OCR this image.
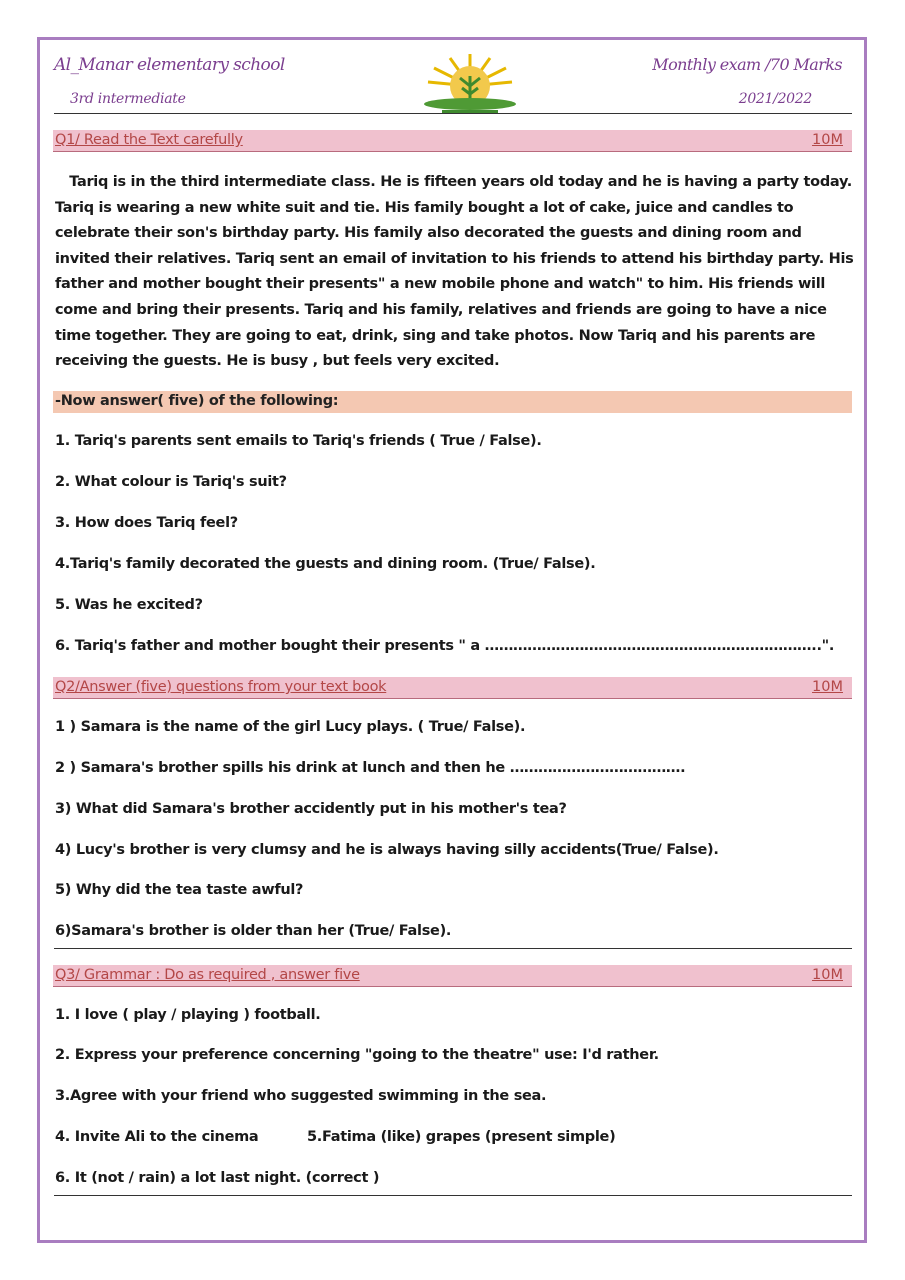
Al_Manar elementary school
3rd intermediate
Monthly exam /70 Marks
2021/2022
Q1/ Read the Text carefully	10M
Tariq is in the third intermediate class. He is fifteen years old today and he is having a party today. Tariq is wearing a new white suit and tie. His family bought a lot of cake, juice and candles to celebrate their son's birthday party. His family also decorated the guests and dining room and invited their relatives. Tariq sent an email of invitation to his friends to attend his birthday party. His father and mother bought their presents" a new mobile phone and watch" to him. His friends will come and bring their presents. Tariq and his family, relatives and friends are going to have a nice time together. They are going to eat, drink, sing and take photos. Now Tariq and his parents are receiving the guests. He is busy , but feels very excited.
-Now answer( five) of the following:
1. Tariq's parents sent emails to Tariq's friends ( True / False).
2. What colour is Tariq's suit?
3. How does Tariq feel?
4.Tariq's family decorated the guests and dining room. (True/ False).
5. Was he excited?
6. Tariq's father and mother bought their presents " a ……………………………………………………………..".
Q2/Answer (five) questions from your text book	10M
1 ) Samara is the name of the girl Lucy plays. ( True/ False).
2 ) Samara's brother spills his drink at lunch and then he ……………………………….
3) What did Samara's brother accidently put in his mother's tea?
4) Lucy's brother is very clumsy and he is always having silly accidents(True/ False).
5) Why did the tea taste awful?
6)Samara's brother is older than her (True/ False).
Q3/ Grammar : Do as required , answer five	10M
1. I love ( play / playing ) football.
2. Express your preference concerning "going to the theatre" use: I'd rather.
3.Agree with your friend who suggested swimming in the sea.
4. Invite Ali to the cinema	5.Fatima (like) grapes (present simple)
6. It (not / rain) a lot last night. (correct )
